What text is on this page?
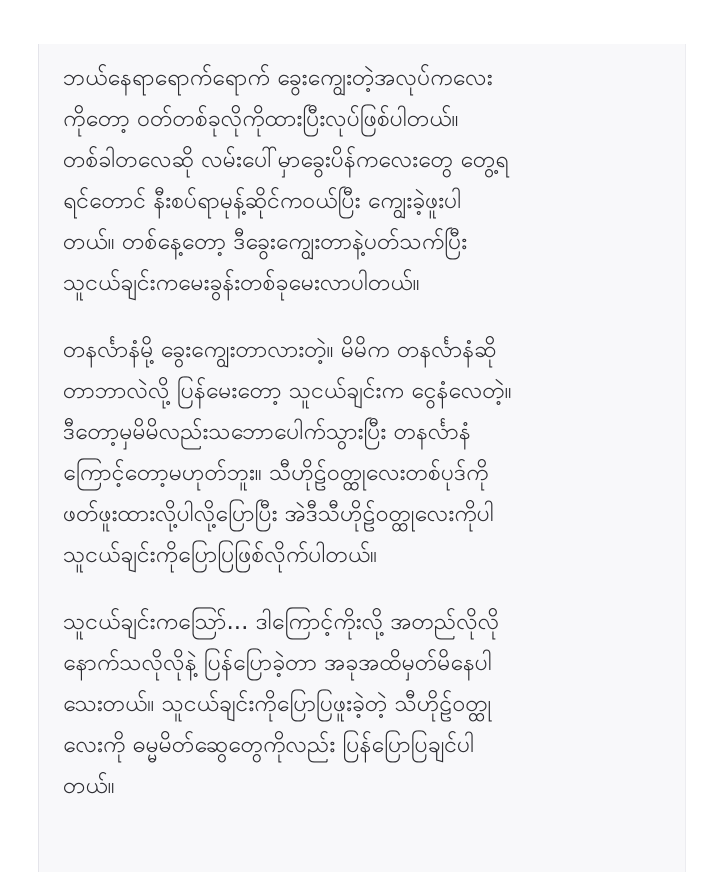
ဘယ်နေရာရောက်ရောက် ခွေးကျွေးတဲ့အလုပ်ကလေး
ကိုတော့ ဝတ်တစ်ခုလိုကိုထားပြီးလုပ်ဖြစ်ပါတယ်။
တစ်ခါတလေဆို လမ်းပေါ်မှာခွေးပိန်ကလေးတွေ တွေ့ရ
ရင်တောင် နီးစပ်ရာမုန့်ဆိုင်ကဝယ်ပြီး ကျွေးခဲ့ဖူးပါ
တယ်။ တစ်နေ့တော့ ဒီခွေးကျွေးတာနဲ့ပတ်သက်ပြီး
သူငယ်ချင်းကမေးခွန်းတစ်ခုမေးလာပါတယ်။
တနင်္လာနံမို့ ခွေးကျွေးတာလားတဲ့။ မိမိက တနင်္လာနံဆို
တာဘာလဲလို့ ပြန်မေးတော့ သူငယ်ချင်းက ငွေနံလေတဲ့။
ဒီတော့မှမိမိလည်းသဘောပေါက်သွားပြီး တနင်္လာနံ
ကြောင့်တော့မဟုတ်ဘူး။ သီဟိုဠ်ဝတ္ထုလေးတစ်ပုဒ်ကို
ဖတ်ဖူးထားလို့ပါလို့ပြောပြီး အဲဒီသီဟိုဠ်ဝတ္ထုလေးကိုပါ
သူငယ်ချင်းကိုပြောပြဖြစ်လိုက်ပါတယ်။
သူငယ်ချင်းကသြော်... ဒါကြောင့်ကိုးလို့ အတည်လိုလို
နောက်သလိုလိုနဲ့ ပြန်ပြောခဲ့တာ အခုအထိမှတ်မိနေပါ
သေးတယ်။ သူငယ်ချင်းကိုပြောပြဖူးခဲ့တဲ့ သီဟိုဠ်ဝတ္ထု
လေးကို ဓမ္မမိတ်ဆွေတွေကိုလည်း ပြန်ပြောပြချင်ပါ
တယ်။
